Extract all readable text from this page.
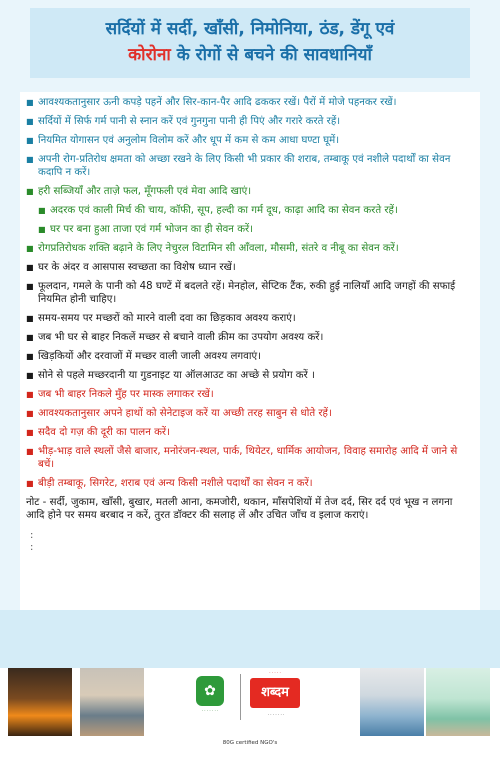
सर्दियों में सर्दी, खाँसी, निमोनिया, ठंड, डेंगू एवं
कोरोना के रोगों से बचने की सावधानियाँ
■ आवश्यकतानुसार ऊनी कपड़े पहनें और सिर-कान-पैर आदि ढककर रखें। पैरों में मोजे पहनकर रखें।
■ सर्दियों में सिर्फ गर्म पानी से स्नान करें एवं गुनगुना पानी ही पिएं और गरारे करते रहें।
■ नियमित योगासन एवं अनुलोम विलोम करें और धूप में कम से कम आधा घण्टा घूमें।
■ अपनी रोग-प्रतिरोध क्षमता को अच्छा रखने के लिए किसी भी प्रकार की शराब, तम्बाकू एवं नशीले पदार्थों का सेवन कदापि न करें।
■ हरी सब्जियाँ और ताज़े फल, मूँगफली एवं मेवा आदि खाएं।
■ अदरक एवं काली मिर्च की चाय, कॉफी, सूप, हल्दी का गर्म दूध, काढ़ा आदि का सेवन करते रहें।
■ घर पर बना हुआ ताजा एवं गर्म भोजन का ही सेवन करें।
■ रोगप्रतिरोधक शक्ति बढ़ाने के लिए नेचुरल विटामिन सी आँवला, मौसमी, संतरे व नीबू का सेवन करें।
■ घर के अंदर व आसपास स्वच्छता का विशेष ध्यान रखें।
■ फूलदान, गमले के पानी को 48 घण्टें में बदलते रहें। मेनहोल, सेप्टिक टैंक, रुकी हुई नालियाँ आदि जगहों की सफाई नियमित होनी चाहिए।
■ समय-समय पर मच्छरों को मारने वाली दवा का छिड़काव अवश्य कराएं।
■ जब भी घर से बाहर निकलें मच्छर से बचाने वाली क्रीम का उपयोग अवश्य करें।
■ खिड़कियों और दरवाजों में मच्छर वाली जाली अवश्य लगवाएं।
■ सोने से पहले मच्छरदानी या गुडनाइट या ऑलआउट का अच्छे से प्रयोग करें ।
■ जब भी बाहर निकले मुँह पर मास्क लगाकर रखें।
■ आवश्यकतानुसार अपने हाथों को सेनेटाइज करें या अच्छी तरह साबुन से धोते रहें।
■ सदैव दो गज़ की दूरी का पालन करें।
■ भीड़-भाड़ वाले स्थलों जैसे बाजार, मनोरंजन-स्थल, पार्क, थियेटर, धार्मिक आयोजन, विवाह समारोह आदि में जाने से बचें।
■ बीड़ी तम्बाकू, सिगरेट, शराब एवं अन्य किसी नशीले पदार्थों का सेवन न करें।
नोट - सर्दी, जुकाम, खाँसी, बुखार, मतली आना, कमजोरी, थकान, माँसपेशियों में तेज दर्द, सिर दर्द एवं भूख न लगना आदि होने पर समय बरबाद न करें, तुरत डॉक्टर की सलाह लें और उचित जाँच व इलाज कराएं।
:
:
✿
· · · · · · ·
· · · · ·
शब्दम
· · · · · · ·
80G certified NGO's
